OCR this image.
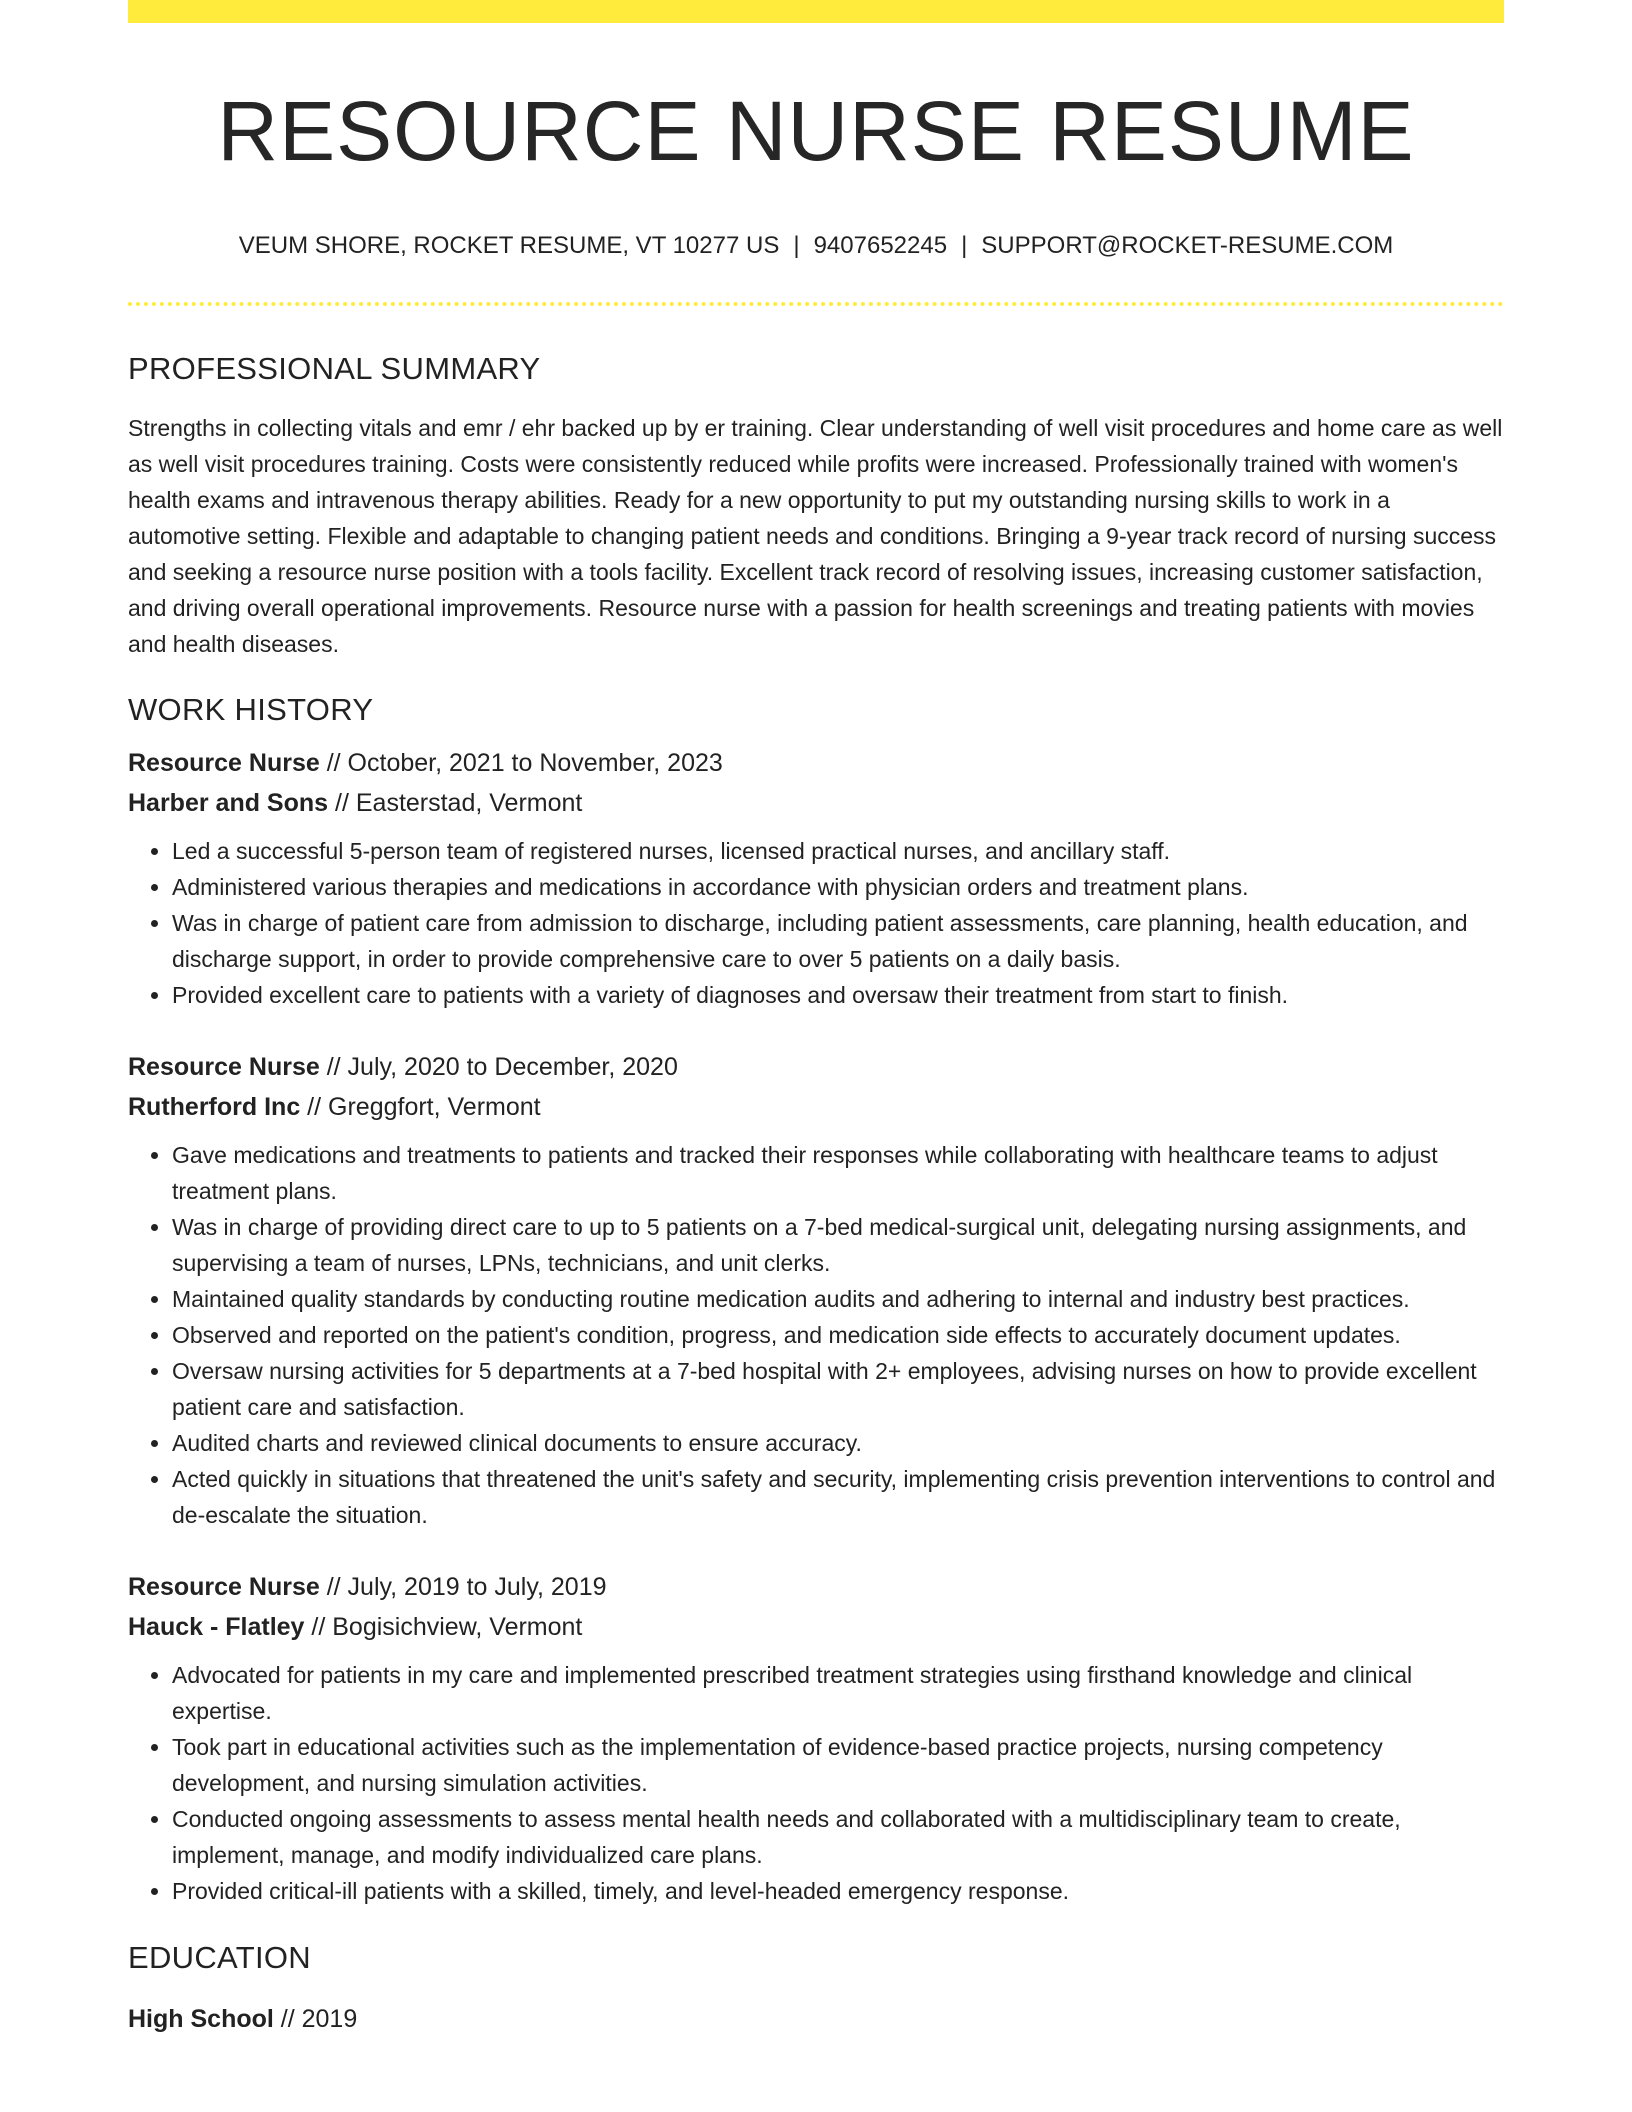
RESOURCE NURSE RESUME
VEUM SHORE, ROCKET RESUME, VT 10277 US | 9407652245 | SUPPORT@ROCKET-RESUME.COM
PROFESSIONAL SUMMARY

Strengths in collecting vitals and emr / ehr backed up by er training. Clear understanding of well visit procedures and home care as well as well visit procedures training. Costs were consistently reduced while profits were increased. Professionally trained with women's health exams and intravenous therapy abilities. Ready for a new opportunity to put my outstanding nursing skills to work in a automotive setting. Flexible and adaptable to changing patient needs and conditions. Bringing a 9-year track record of nursing success and seeking a resource nurse position with a tools facility. Excellent track record of resolving issues, increasing customer satisfaction, and driving overall operational improvements. Resource nurse with a passion for health screenings and treating patients with movies and health diseases.

WORK HISTORY
Resource Nurse // October, 2021 to November, 2023
Harber and Sons // Easterstad, Vermont
• Led a successful 5-person team of registered nurses, licensed practical nurses, and ancillary staff.
• Administered various therapies and medications in accordance with physician orders and treatment plans.
• Was in charge of patient care from admission to discharge, including patient assessments, care planning, health education, and discharge support, in order to provide comprehensive care to over 5 patients on a daily basis.
• Provided excellent care to patients with a variety of diagnoses and oversaw their treatment from start to finish.
Resource Nurse // July, 2020 to December, 2020
Rutherford Inc // Greggfort, Vermont
• Gave medications and treatments to patients and tracked their responses while collaborating with healthcare teams to adjust treatment plans.
• Was in charge of providing direct care to up to 5 patients on a 7-bed medical-surgical unit, delegating nursing assignments, and supervising a team of nurses, LPNs, technicians, and unit clerks.
• Maintained quality standards by conducting routine medication audits and adhering to internal and industry best practices.
• Observed and reported on the patient's condition, progress, and medication side effects to accurately document updates.
• Oversaw nursing activities for 5 departments at a 7-bed hospital with 2+ employees, advising nurses on how to provide excellent patient care and satisfaction.
• Audited charts and reviewed clinical documents to ensure accuracy.
• Acted quickly in situations that threatened the unit's safety and security, implementing crisis prevention interventions to control and de-escalate the situation.
Resource Nurse // July, 2019 to July, 2019
Hauck - Flatley // Bogisichview, Vermont
• Advocated for patients in my care and implemented prescribed treatment strategies using firsthand knowledge and clinical expertise.
• Took part in educational activities such as the implementation of evidence-based practice projects, nursing competency development, and nursing simulation activities.
• Conducted ongoing assessments to assess mental health needs and collaborated with a multidisciplinary team to create, implement, manage, and modify individualized care plans.
• Provided critical-ill patients with a skilled, timely, and level-headed emergency response.
EDUCATION
High School // 2019
